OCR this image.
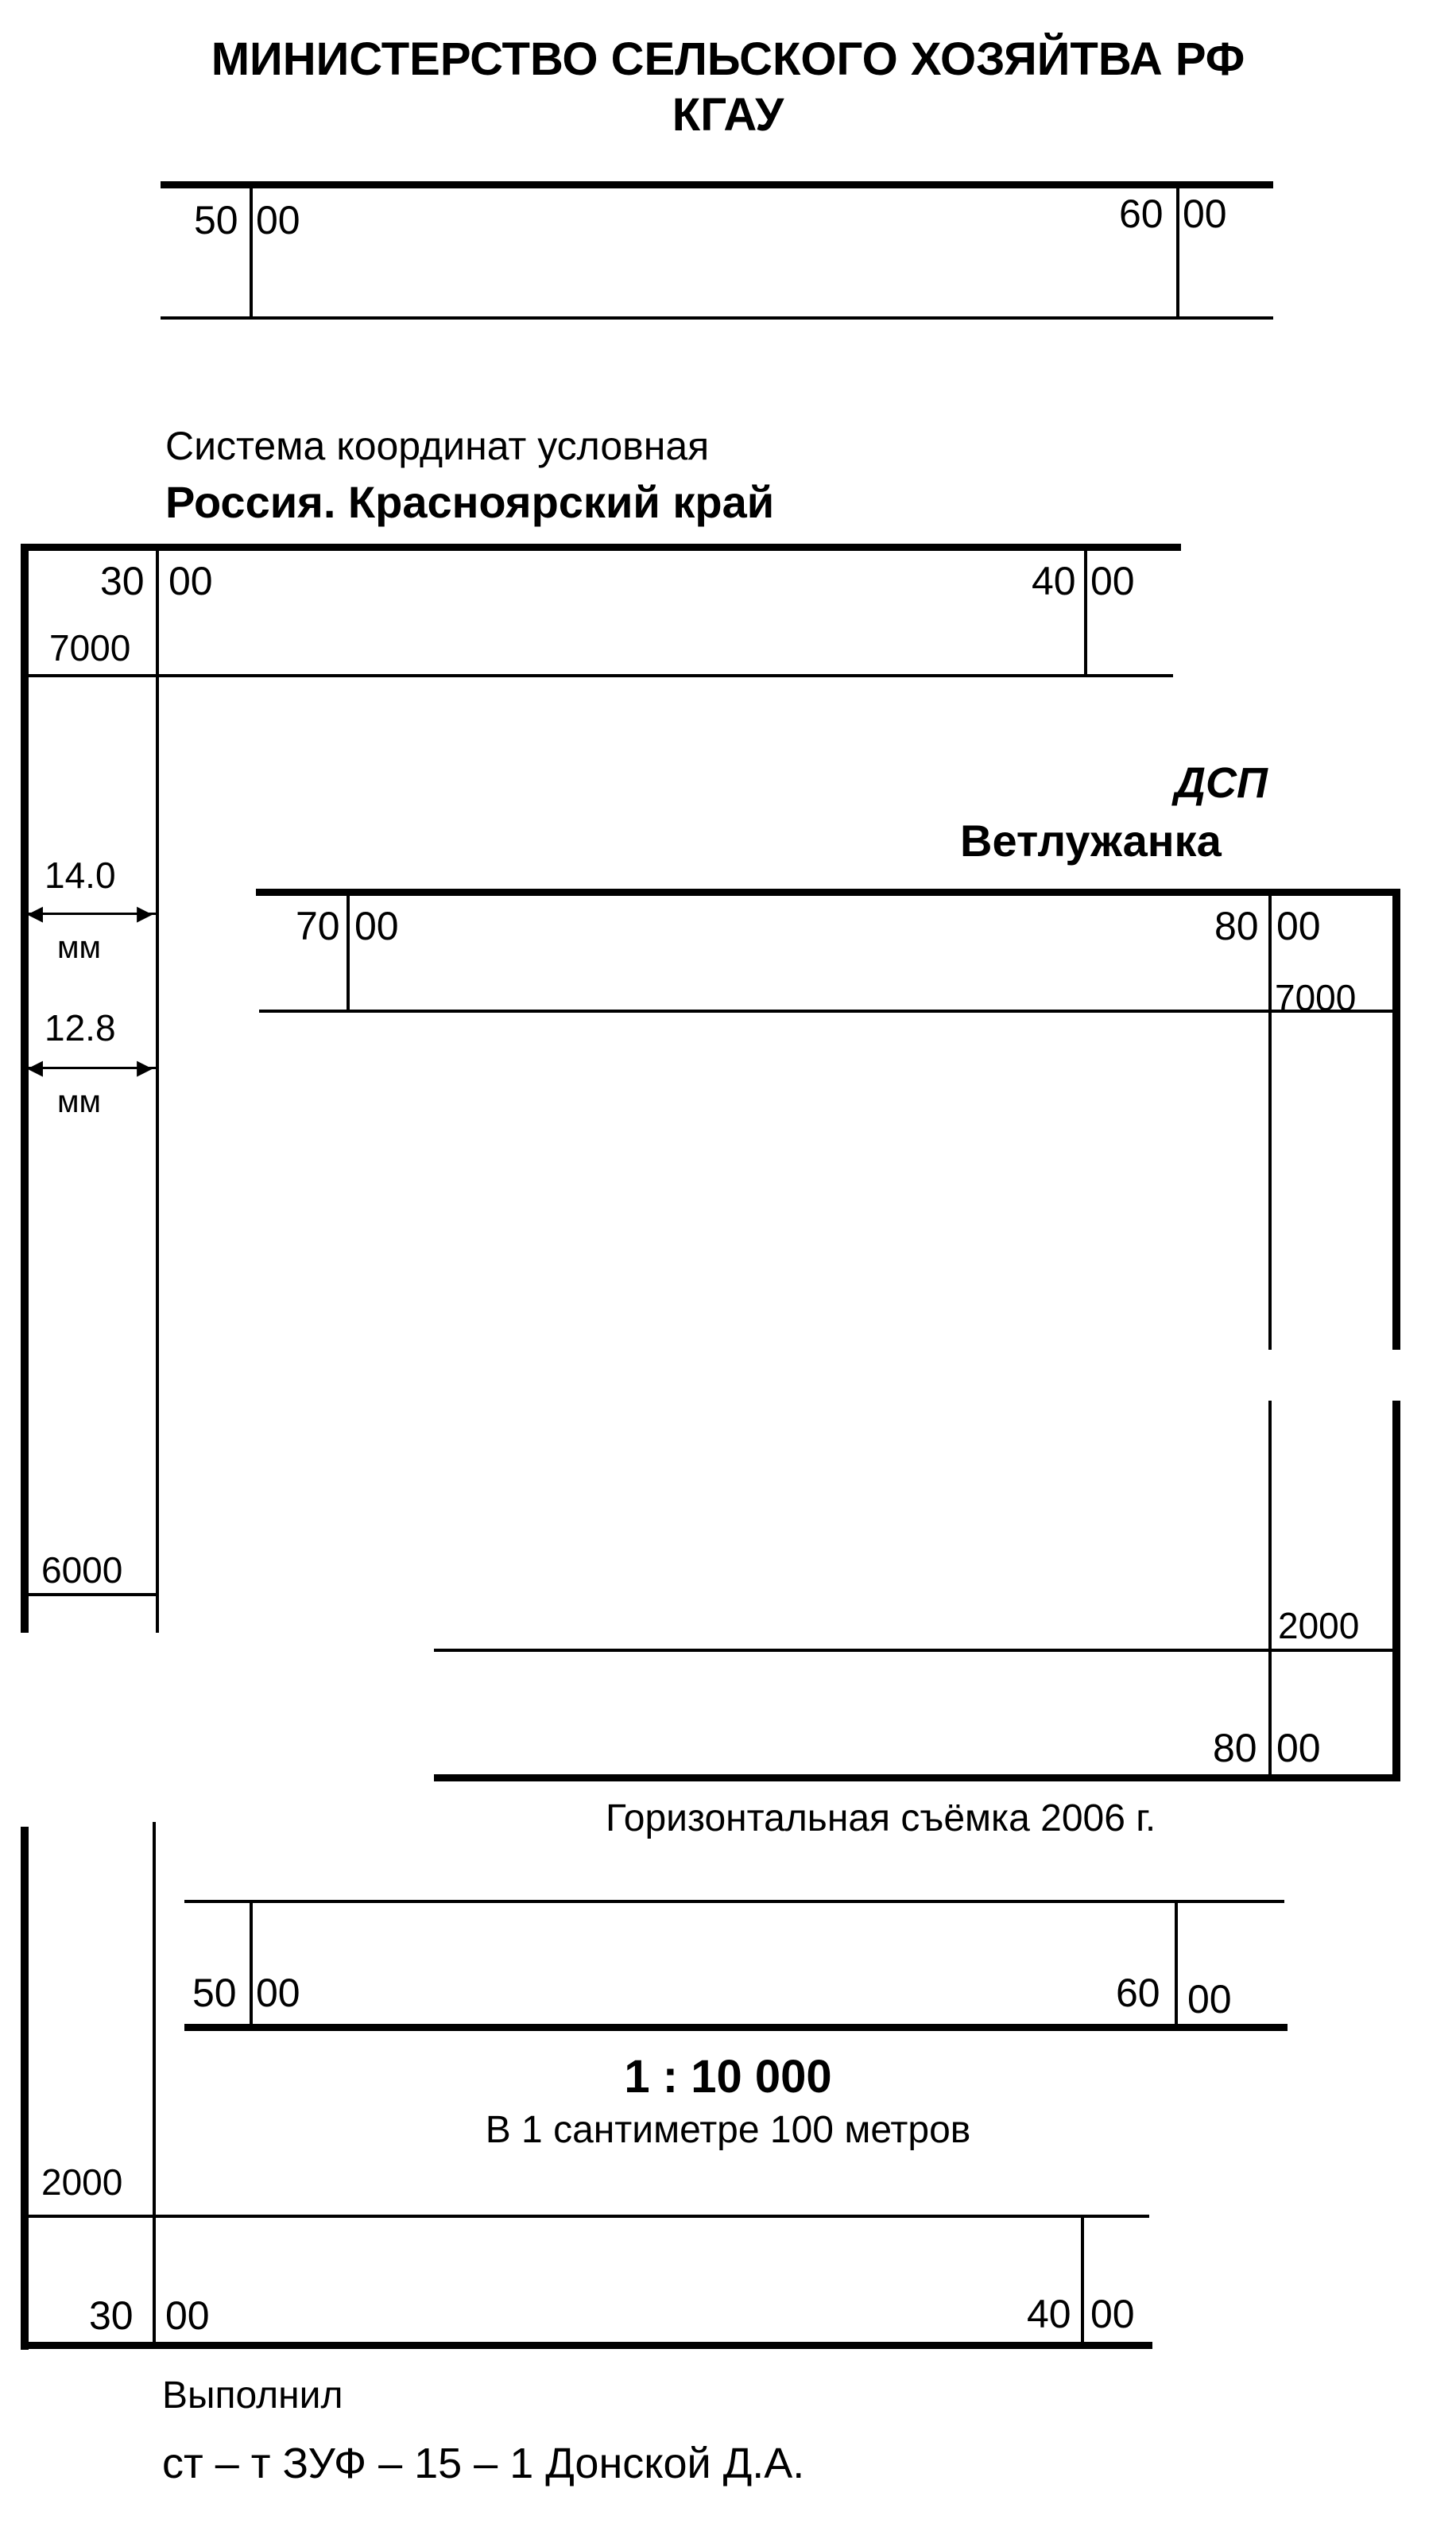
МИНИСТЕРСТВО СЕЛЬСКОГО ХОЗЯЙТВА РФ
КГАУ
50 00	60 00
Система координат условная
Россия. Красноярский край
30 00	40 00
7000
14.0
◂	▸
мм
12.8
◂	▸
мм
6000
ДСП
Ветлужанка
70 00	80 00
7000
2000
80 00
Горизонтальная съёмка 2006 г.
50 00	60 00
1 : 10 000
В 1 сантиметре 100 метров
2000
30 00	40 00
Выполнил
ст – т ЗУФ – 15 – 1 Донской Д.А.
